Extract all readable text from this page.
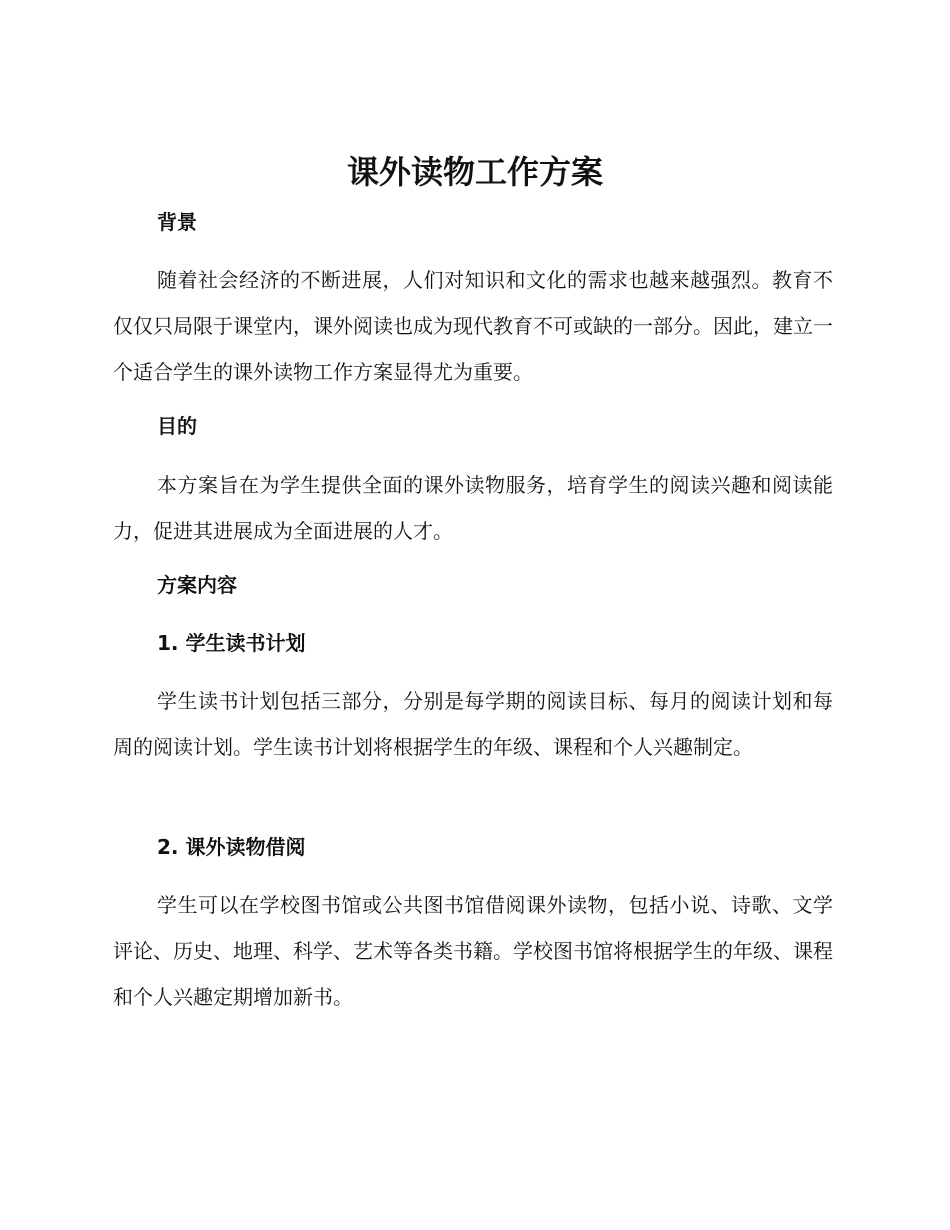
课外读物工作方案
背景

随着社会经济的不断进展，人们对知识和文化的需求也越来越强烈。教育不仅仅只局限于课堂内，课外阅读也成为现代教育不可或缺的一部分。因此，建立一个适合学生的课外读物工作方案显得尤为重要。

目的

本方案旨在为学生提供全面的课外读物服务，培育学生的阅读兴趣和阅读能力，促进其进展成为全面进展的人才。

方案内容
1. 学生读书计划

学生读书计划包括三部分，分别是每学期的阅读目标、每月的阅读计划和每周的阅读计划。学生读书计划将根据学生的年级、课程和个人兴趣制定。

2. 课外读物借阅

学生可以在学校图书馆或公共图书馆借阅课外读物，包括小说、诗歌、文学评论、历史、地理、科学、艺术等各类书籍。学校图书馆将根据学生的年级、课程和个人兴趣定期增加新书。
